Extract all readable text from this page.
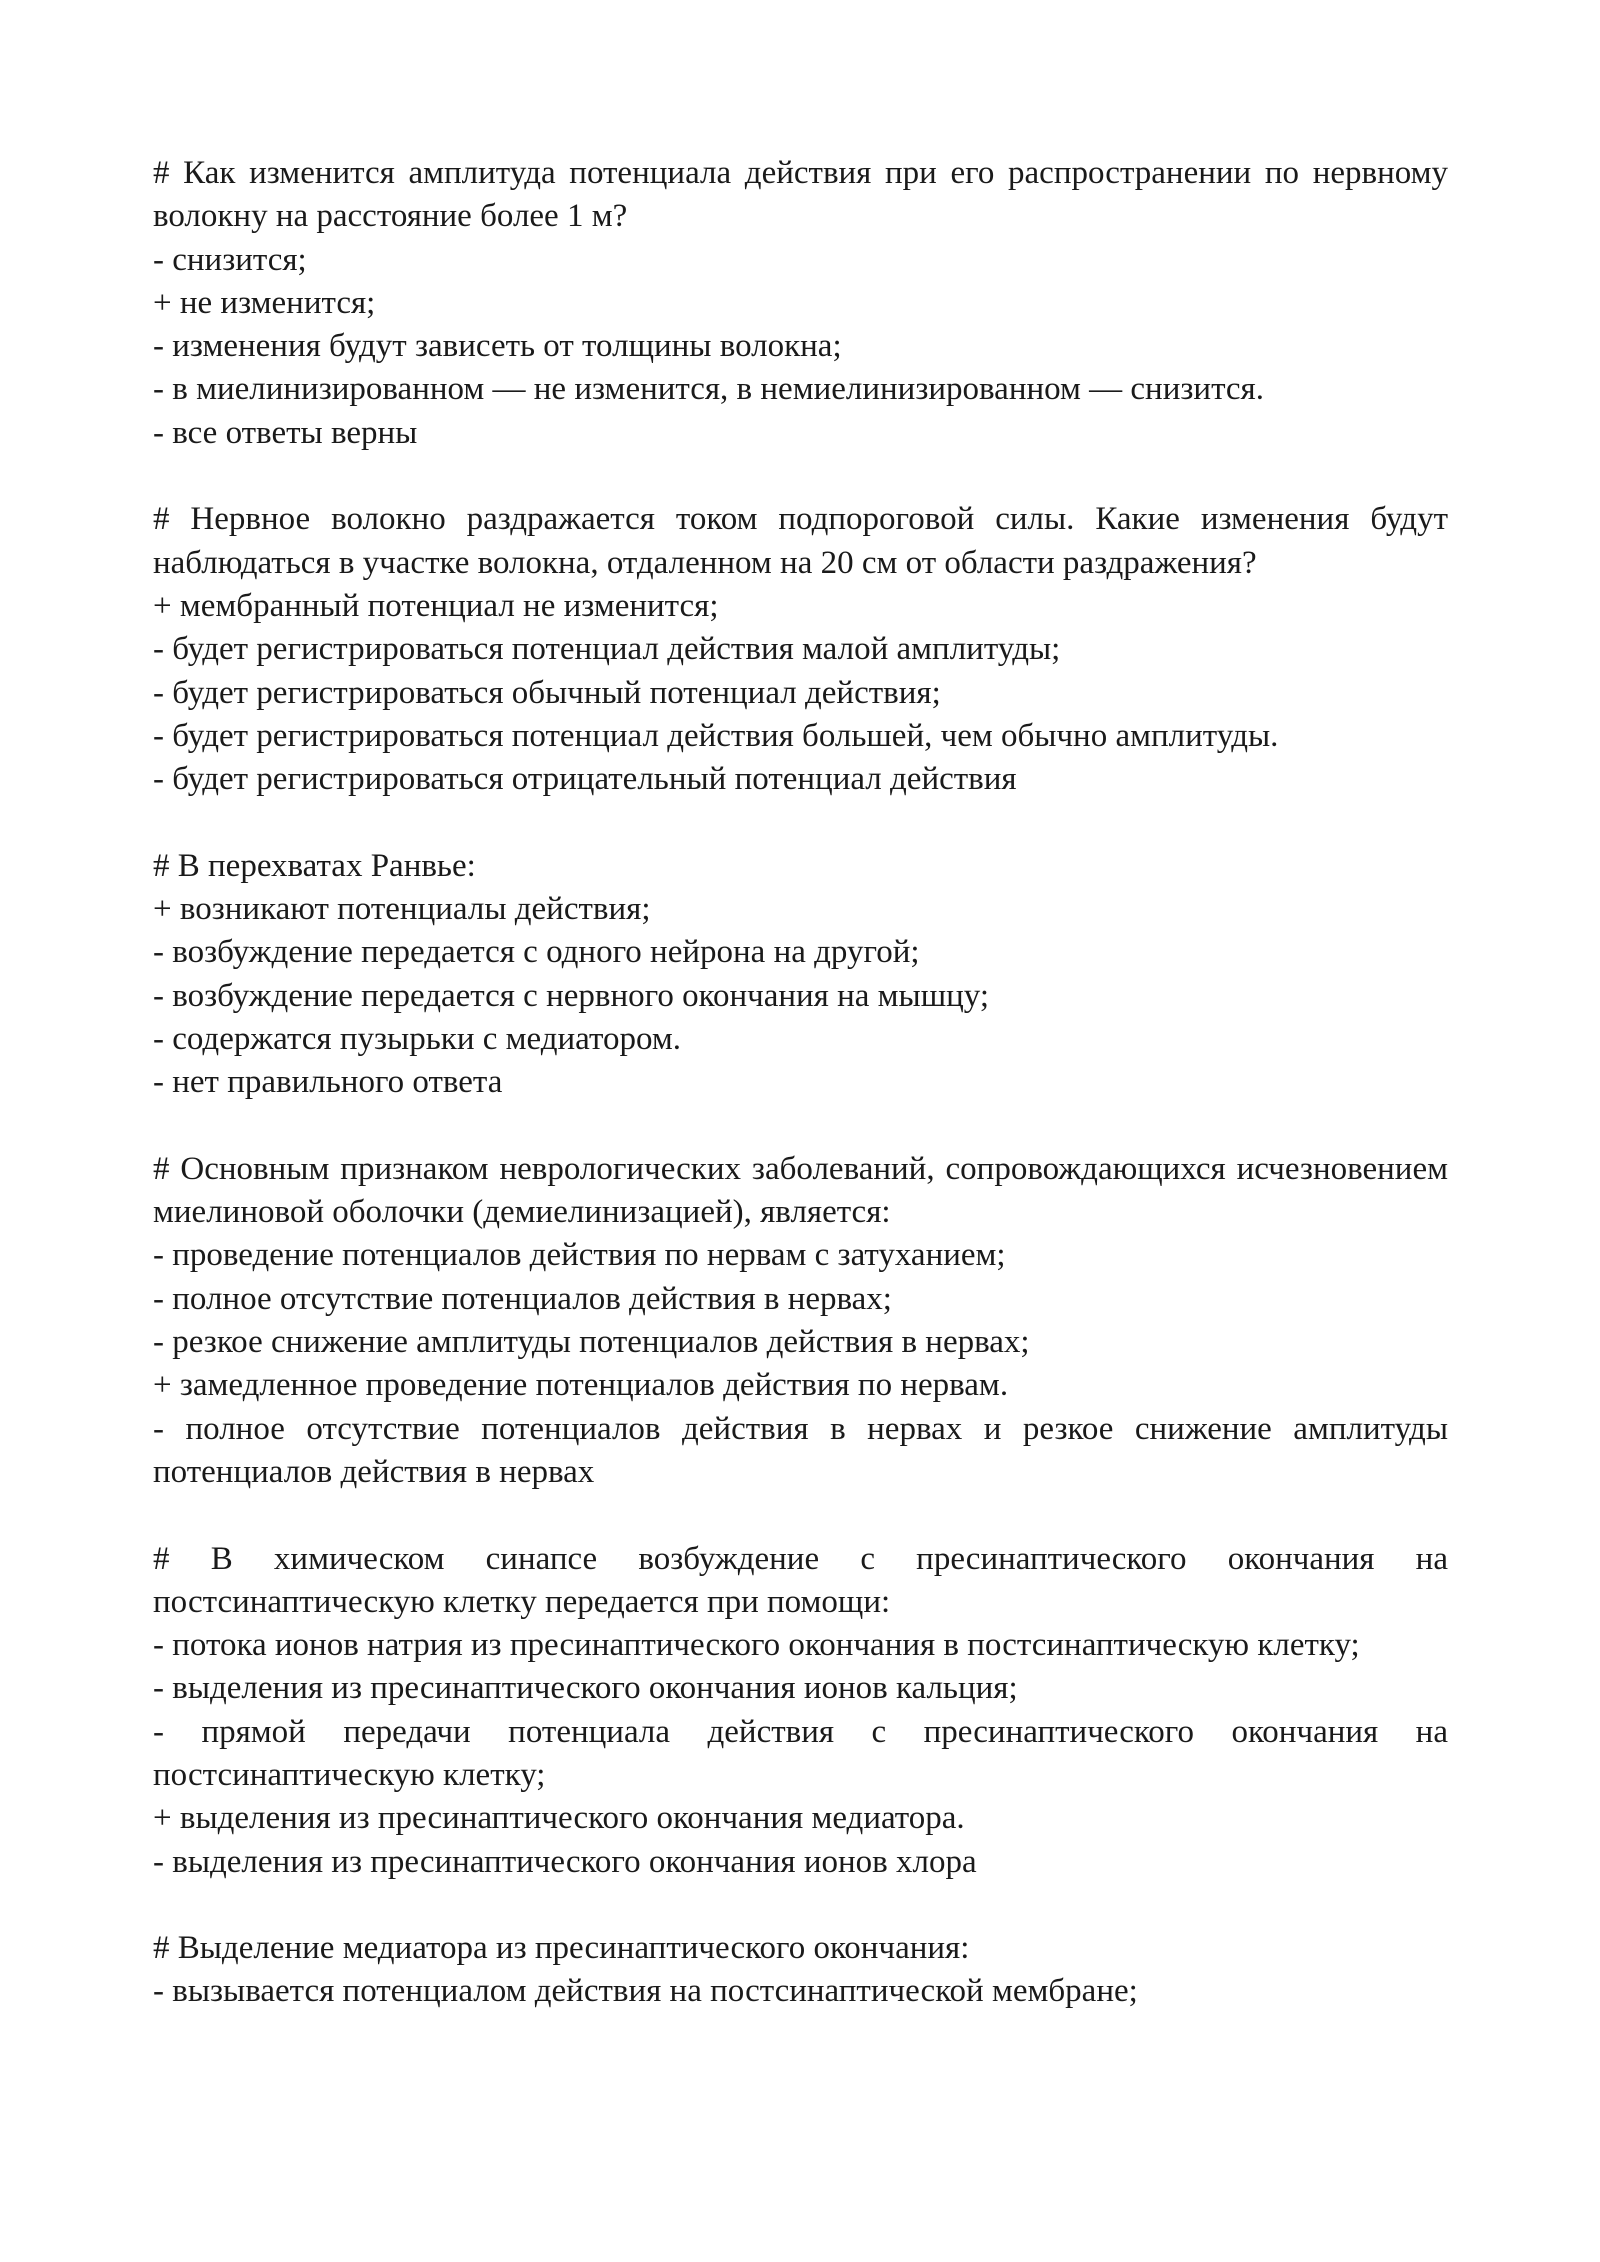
# Как изменится амплитуда потенциала действия при его распространении по нервному волокну на расстояние более 1 м?
- снизится;
+ не изменится;
- изменения будут зависеть от толщины волокна;
- в миелинизированном — не изменится, в немиелинизированном — снизится.
- все ответы верны
# Нервное волокно раздражается током подпороговой силы. Какие изменения будут наблюдаться в участке волокна, отдаленном на 20 см от области раздражения?
+ мембранный потенциал не изменится;
- будет регистрироваться потенциал действия малой амплитуды;
- будет регистрироваться обычный потенциал действия;
- будет регистрироваться потенциал действия большей, чем обычно амплитуды.
- будет регистрироваться отрицательный потенциал действия
# В перехватах Ранвье:
+ возникают потенциалы действия;
- возбуждение передается с одного нейрона на другой;
- возбуждение передается с нервного окончания на мышцу;
- содержатся пузырьки с медиатором.
- нет правильного ответа
# Основным признаком неврологических заболеваний, сопровождающихся исчезновением миелиновой оболочки (демиелинизацией), является:
- проведение потенциалов действия по нервам с затуханием;
- полное отсутствие потенциалов действия в нервах;
- резкое снижение амплитуды потенциалов действия в нервах;
+ замедленное проведение потенциалов действия по нервам.
- полное отсутствие потенциалов действия в нервах и резкое снижение амплитуды потенциалов действия в нервах
# В химическом синапсе возбуждение с пресинаптического окончания на постсинаптическую клетку передается при помощи:
- потока ионов натрия из пресинаптического окончания в постсинаптическую клетку;
- выделения из пресинаптического окончания ионов кальция;
- прямой передачи потенциала действия с пресинаптического окончания на постсинаптическую клетку;
+ выделения из пресинаптического окончания медиатора.
- выделения из пресинаптического окончания ионов хлора
# Выделение медиатора из пресинаптического окончания:
- вызывается потенциалом действия на постсинаптической мембране;
